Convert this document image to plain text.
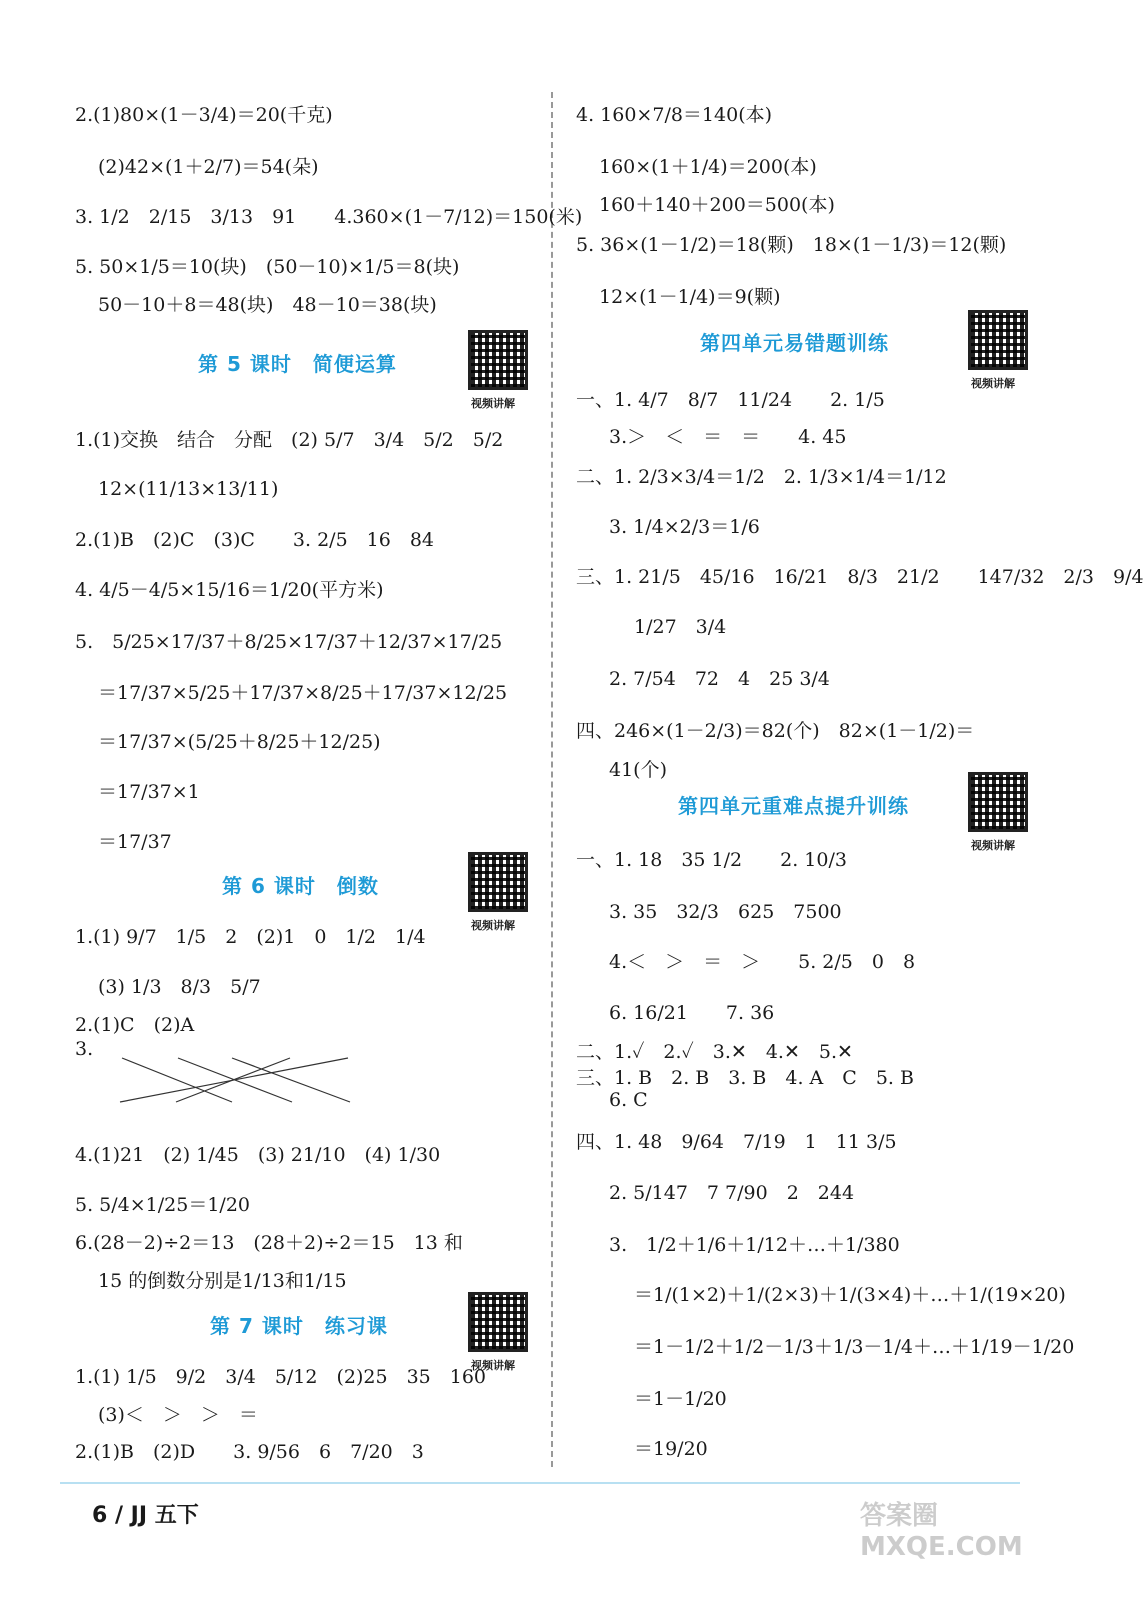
2.(1)80×(1－3/4)＝20(千克)
(2)42×(1＋2/7)＝54(朵)
3. 1/2　2/15　3/13　91　　4.360×(1－7/12)＝150(米)
5. 50×1/5＝10(块)　(50－10)×1/5＝8(块)
50－10＋8＝48(块)　48－10＝38(块)
第 5 课时　简便运算
视频讲解
1.(1)交换　结合　分配　(2) 5/7　3/4　5/2　5/2
12×(11/13×13/11)
2.(1)B　(2)C　(3)C　　3. 2/5　16　84
4. 4/5－4/5×15/16＝1/20(平方米)
5.　5/25×17/37＋8/25×17/37＋12/37×17/25
＝17/37×5/25＋17/37×8/25＋17/37×12/25
＝17/37×(5/25＋8/25＋12/25)
＝17/37×1
＝17/37
第 6 课时　倒数
视频讲解
1.(1) 9/7　1/5　2　(2)1　0　1/2　1/4
(3) 1/3　8/3　5/7
2.(1)C　(2)A
3.
4.(1)21　(2) 1/45　(3) 21/10　(4) 1/30
5. 5/4×1/25＝1/20
6.(28－2)÷2＝13　(28＋2)÷2＝15　13 和
15 的倒数分别是1/13和1/15
第 7 课时　练习课
视频讲解
1.(1) 1/5　9/2　3/4　5/12　(2)25　35　160
(3)＜　＞　＞　＝
2.(1)B　(2)D　　3. 9/56　6　7/20　3
4. 160×7/8＝140(本)
160×(1＋1/4)＝200(本)
160＋140＋200＝500(本)
5. 36×(1－1/2)＝18(颗)　18×(1－1/3)＝12(颗)
12×(1－1/4)＝9(颗)
第四单元易错题训练
视频讲解
一、1. 4/7　8/7　11/24　　2. 1/5
3.＞　＜　＝　＝　　4. 45
二、1. 2/3×3/4＝1/2　2. 1/3×1/4＝1/12
3. 1/4×2/3＝1/6
三、1. 21/5　45/16　16/21　8/3　21/2　　147/32　2/3　9/4
1/27　3/4
2. 7/54　72　4　25 3/4
四、246×(1－2/3)＝82(个)　82×(1－1/2)＝
41(个)
第四单元重难点提升训练
视频讲解
一、1. 18　35 1/2　　2. 10/3
3. 35　32/3　625　7500
4.＜　＞　＝　＞　　5. 2/5　0　8
6. 16/21　　7. 36
二、1.✓　2.✓　3.✕　4.✕　5.✕
三、1. B　2. B　3. B　4. A　C　5. B
6. C
四、1. 48　9/64　7/19　1　11 3/5
2. 5/147　7 7/90　2　244
3.　1/2＋1/6＋1/12＋…＋1/380
＝1/(1×2)＋1/(2×3)＋1/(3×4)＋…＋1/(19×20)
＝1－1/2＋1/2－1/3＋1/3－1/4＋…＋1/19－1/20
＝1－1/20
＝19/20
6 / JJ 五下	答案圈 MXQE.COM
